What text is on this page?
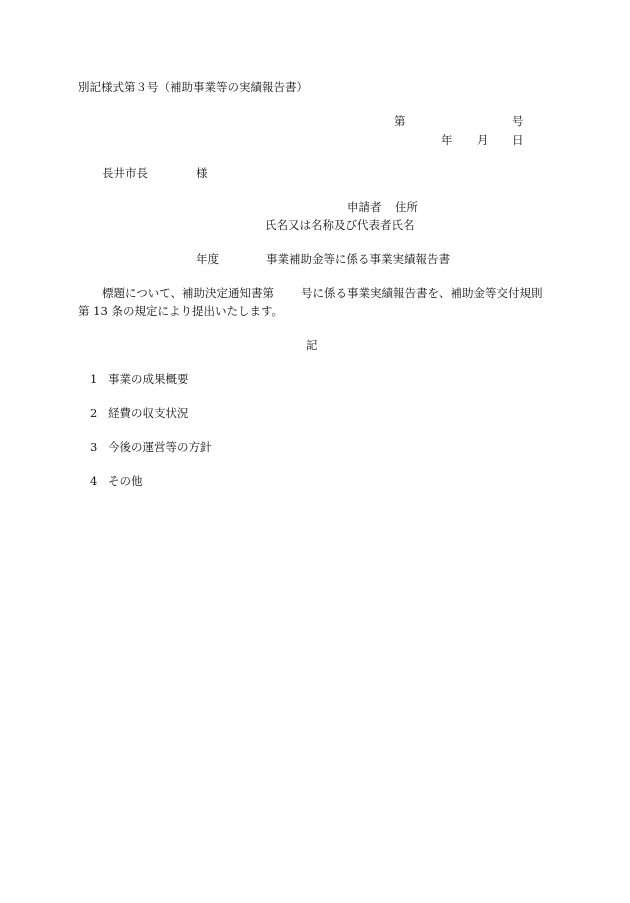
別記様式第３号（補助事業等の実績報告書）
第	号
年 月 日
長井市長	様
申請者 住所
氏名又は名称及び代表者氏名
年度	事業補助金等に係る事業実績報告書
標題について、補助決定通知書第 号に係る事業実績報告書を、補助金等交付規則
第 13 条の規定により提出いたします。
記
1 事業の成果概要
2 経費の収支状況
3 今後の運営等の方針
4 その他
